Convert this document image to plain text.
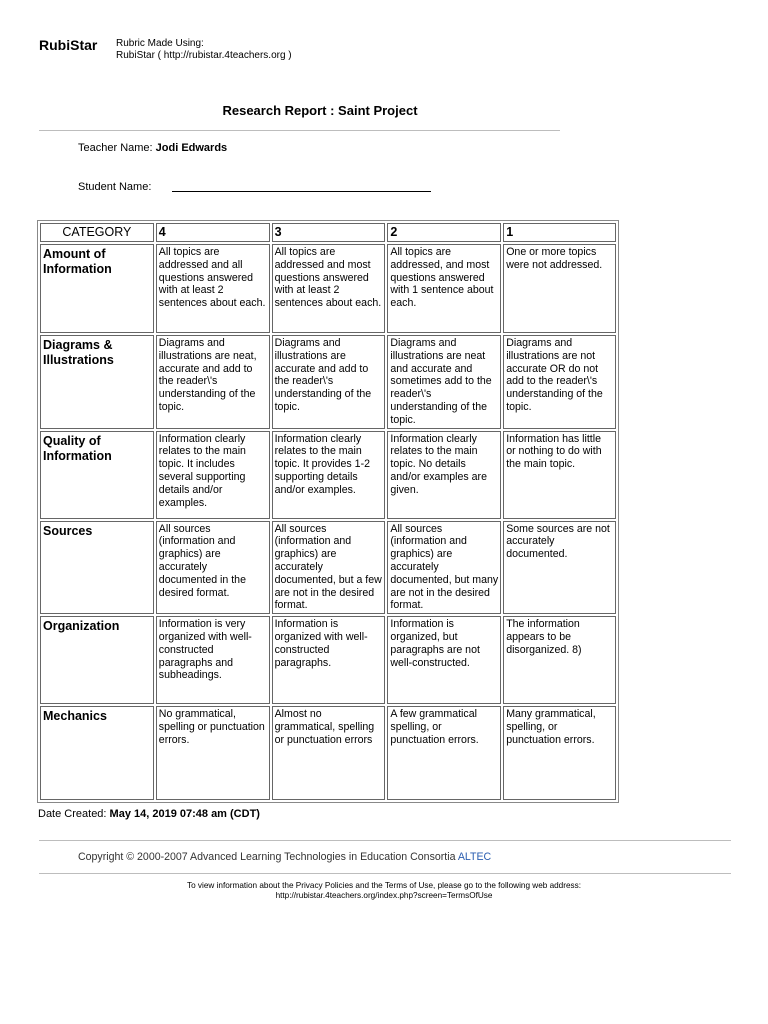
RubiStar Rubric Made Using:
RubiStar ( http://rubistar.4teachers.org )
Research Report : Saint Project
Teacher Name: Jodi Edwards
Student Name:
CATEGORY	4	3	2	1
Amount of Information	All topics are addressed and all questions answered with at least 2 sentences about each.	All topics are addressed and most questions answered with at least 2 sentences about each.	All topics are addressed, and most questions answered with 1 sentence about each.	One or more topics were not addressed.
Diagrams & Illustrations	Diagrams and illustrations are neat, accurate and add to the reader\'s understanding of the topic.	Diagrams and illustrations are accurate and add to the reader\'s understanding of the topic.	Diagrams and illustrations are neat and accurate and sometimes add to the reader\'s understanding of the topic.	Diagrams and illustrations are not accurate OR do not add to the reader\'s understanding of the topic.
Quality of Information	Information clearly relates to the main topic. It includes several supporting details and/or examples.	Information clearly relates to the main topic. It provides 1-2 supporting details and/or examples.	Information clearly relates to the main topic. No details and/or examples are given.	Information has little or nothing to do with the main topic.
Sources	All sources (information and graphics) are accurately documented in the desired format.	All sources (information and graphics) are accurately documented, but a few are not in the desired format.	All sources (information and graphics) are accurately documented, but many are not in the desired format.	Some sources are not accurately documented.
Organization	Information is very organized with well-constructed paragraphs and subheadings.	Information is organized with well-constructed paragraphs.	Information is organized, but paragraphs are not well-constructed.	The information appears to be disorganized. 8)
Mechanics	No grammatical, spelling or punctuation errors.	Almost no grammatical, spelling or punctuation errors	A few grammatical spelling, or punctuation errors.	Many grammatical, spelling, or punctuation errors.
Date Created: May 14, 2019 07:48 am (CDT)
Copyright © 2000-2007 Advanced Learning Technologies in Education Consortia ALTEC
To view information about the Privacy Policies and the Terms of Use, please go to the following web address:
http://rubistar.4teachers.org/index.php?screen=TermsOfUse
